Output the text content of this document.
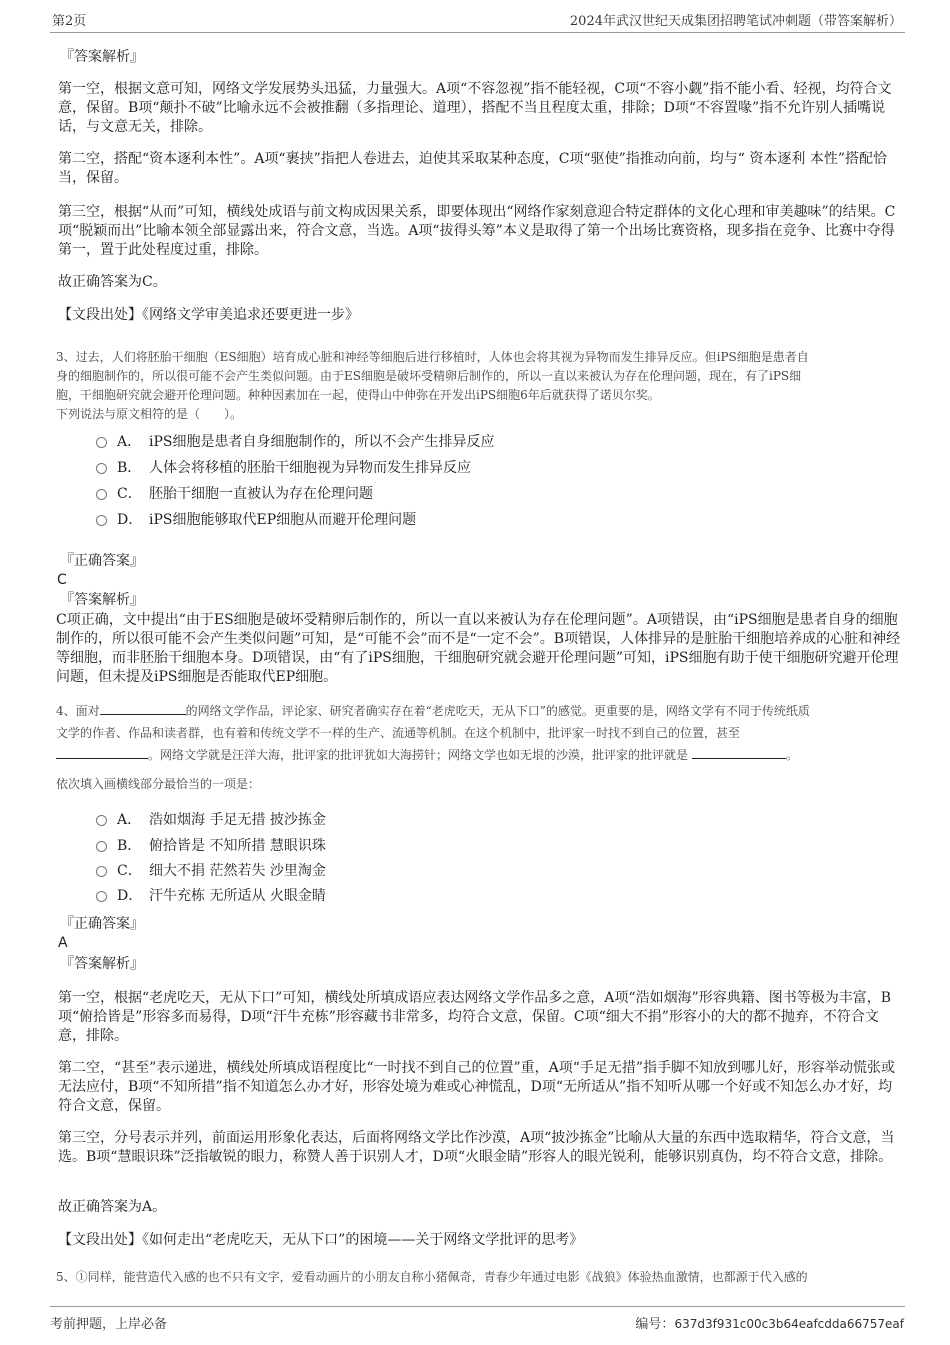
第2页	2024年武汉世纪天成集团招聘笔试冲刺题（带答案解析）
『答案解析』
第一空，根据文意可知，网络文学发展势头迅猛，力量强大。A项“不容忽视”指不能轻视，C项“不容小觑”指不能小看、轻视，均符合文意，保留。B项“颠扑不破”比喻永远不会被推翻（多指理论、道理），搭配不当且程度太重，排除；D项“不容置喙”指不允许别人插嘴说话，与文意无关，排除。
第二空，搭配“资本逐利本性”。A项“裹挟”指把人卷进去，迫使其采取某种态度，C项“驱使”指推动向前，均与“ 资本逐利 本性”搭配恰当，保留。
第三空，根据“从而”可知，横线处成语与前文构成因果关系，即要体现出“网络作家刻意迎合特定群体的文化心理和审美趣味”的结果。C项“脱颖而出”比喻本领全部显露出来，符合文意，当选。A项“拔得头筹”本义是取得了第一个出场比赛资格，现多指在竞争、比赛中夺得第一，置于此处程度过重，排除。
故正确答案为C。
【文段出处】《网络文学审美追求还要更进一步》
3、过去，人们将胚胎干细胞（ES细胞）培育成心脏和神经等细胞后进行移植时，人体也会将其视为异物而发生排异反应。但iPS细胞是患者自
身的细胞制作的，所以很可能不会产生类似问题。由于ES细胞是破坏受精卵后制作的，所以一直以来被认为存在伦理问题，现在，有了iPS细
胞，干细胞研究就会避开伦理问题。种种因素加在一起，使得山中伸弥在开发出iPS细胞6年后就获得了诺贝尔奖。
下列说法与原文相符的是（　　）。
A． iPS细胞是患者自身细胞制作的，所以不会产生排异反应
B． 人体会将移植的胚胎干细胞视为异物而发生排异反应
C． 胚胎干细胞一直被认为存在伦理问题
D． iPS细胞能够取代EP细胞从而避开伦理问题
『正确答案』
C
『答案解析』
C项正确，文中提出“由于ES细胞是破坏受精卵后制作的，所以一直以来被认为存在伦理问题”。A项错误，由“iPS细胞是患者自身的细胞制作的，所以很可能不会产生类似问题”可知，是“可能不会”而不是“一定不会”。B项错误，人体排异的是脏胎干细胞培养成的心脏和神经等细胞，而非胚胎干细胞本身。D项错误，由“有了iPS细胞，干细胞研究就会避开伦理问题”可知，iPS细胞有助于使干细胞研究避开伦理问题，但未提及iPS细胞是否能取代EP细胞。
4、面对	的网络文学作品，评论家、研究者确实存在着“老虎吃天，无从下口”的感觉。更重要的是，网络文学有不同于传统纸质
文学的作者、作品和读者群，也有着和传统文学不一样的生产、流通等机制。在这个机制中，批评家一时找不到自己的位置，甚至
。网络文学就是汪洋大海，批评家的批评犹如大海捞针；网络文学也如无垠的沙漠，批评家的批评就是	。
依次填入画横线部分最恰当的一项是：
A． 浩如烟海 手足无措 披沙拣金
B． 俯拾皆是 不知所措 慧眼识珠
C． 细大不捐 茫然若失 沙里淘金
D． 汗牛充栋 无所适从 火眼金睛
『正确答案』
A
『答案解析』
第一空，根据“老虎吃天，无从下口”可知，横线处所填成语应表达网络文学作品多之意，A项“浩如烟海”形容典籍、图书等极为丰富，B项“俯拾皆是”形容多而易得，D项“汗牛充栋”形容藏书非常多，均符合文意，保留。C项“细大不捐”形容小的大的都不抛弃，不符合文意，排除。
第二空，“甚至”表示递进，横线处所填成语程度比“一时找不到自己的位置”重，A项“手足无措”指手脚不知放到哪儿好，形容举动慌张或无法应付，B项“不知所措”指不知道怎么办才好，形容处境为难或心神慌乱，D项“无所适从”指不知听从哪一个好或不知怎么办才好，均符合文意，保留。
第三空，分号表示并列，前面运用形象化表达，后面将网络文学比作沙漠，A项“披沙拣金”比喻从大量的东西中选取精华，符合文意，当选。B项“慧眼识珠”泛指敏锐的眼力，称赞人善于识别人才，D项“火眼金睛”形容人的眼光锐利，能够识别真伪，均不符合文意，排除。
故正确答案为A。
【文段出处】《如何走出“老虎吃天，无从下口”的困境——关于网络文学批评的思考》
5、①同样，能营造代入感的也不只有文字，爱看动画片的小朋友自称小猪佩奇，青春少年通过电影《战狼》体验热血激情，也都源于代入感的
考前押题，上岸必备	编号：637d3f931c00c3b64eafcdda66757eaf
